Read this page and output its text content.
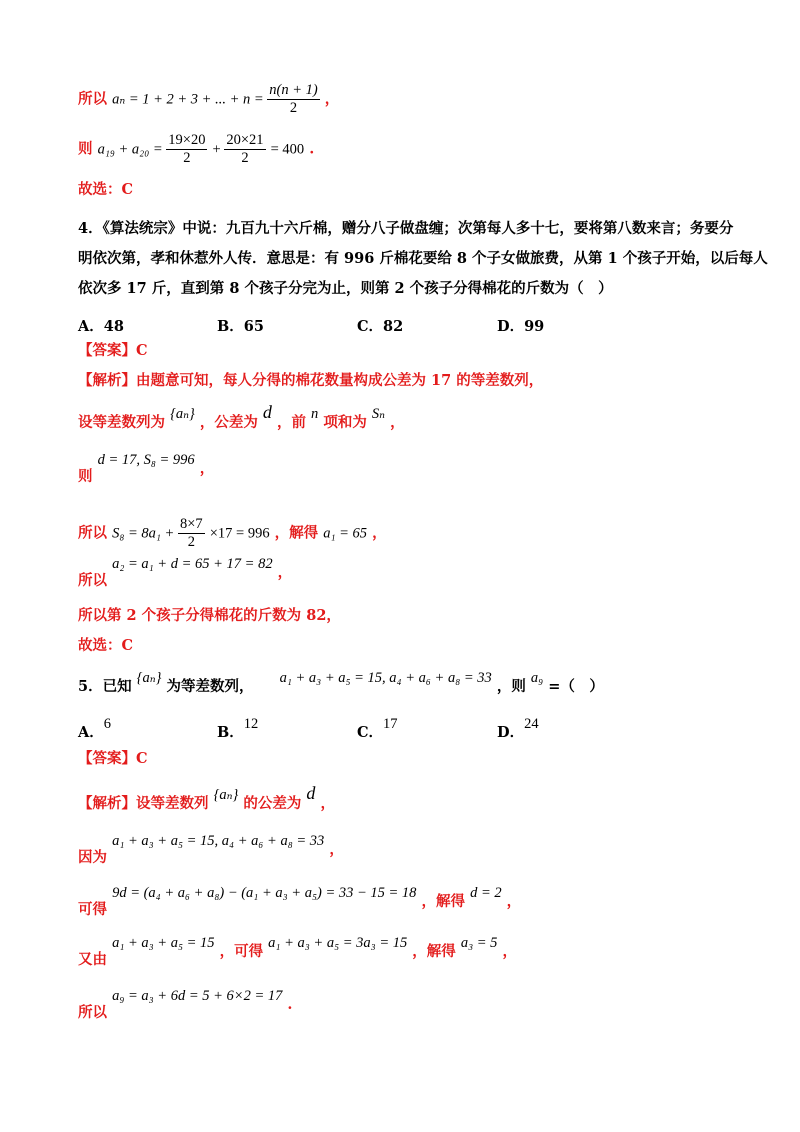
所以 aₙ = 1 + 2 + 3 + ... + $n = \frac{n(n + 1)}{2}$ ，
则 $a_{19} + a_{20} = \frac{19\times 20}{2} + \frac{20\times 21}{2} = 400$ .
故选：C
4．《算法统宗》中说：九百九十六斤棉，赠分八子做盘缠；次第每人多十七，要将第八数来言；务要分
明依次第，孝和休惹外人传．意思是：有 996 斤棉花要给 8 个子女做旅费，从第 1 个孩子开始，以后每人
依次多 17 斤，直到第 8 个孩子分完为止，则第 2 个孩子分得棉花的斤数为（　）
A．48	B．65	C．82	D．99
【答案】C
【解析】由题意可知，每人分得的棉花数量构成公差为 17 的等差数列，
设等差数列为 {aₙ} ，公差为 d ，前 n 项和为 Sₙ ，
则 d = 17, S₈ = 996 ，
所以 $S_8 = 8a_1 + \frac{8\times 7}{2} \times 17 = 996$ ，解得 a₁ = 65 ，
所以 a₂ = a₁ + d = 65 + 17 = 82 ，
所以第 2 个孩子分得棉花的斤数为 82，
故选：C
5．已知 {aₙ} 为等差数列， a₁ + a₃ + a₅ = 15, a₄ + a₆ + a₈ = 33 ，则 a₉ =（　）
A．6	B．12	C．17	D．24
【答案】C
【解析】设等差数列 {aₙ} 的公差为 d ，
因为 a₁ + a₃ + a₅ = 15, a₄ + a₆ + a₈ = 33 ，
可得 9d = (a₄ + a₆ + a₈) − (a₁ + a₃ + a₅) = 33 − 15 = 18 ，解得 d = 2 ，
又由 a₁ + a₃ + a₅ = 15 ，可得 a₁ + a₃ + a₅ = 3a₃ = 15 ，解得 a₃ = 5 ，
所以 a₉ = a₃ + 6d = 5 + 6×2 = 17 .
